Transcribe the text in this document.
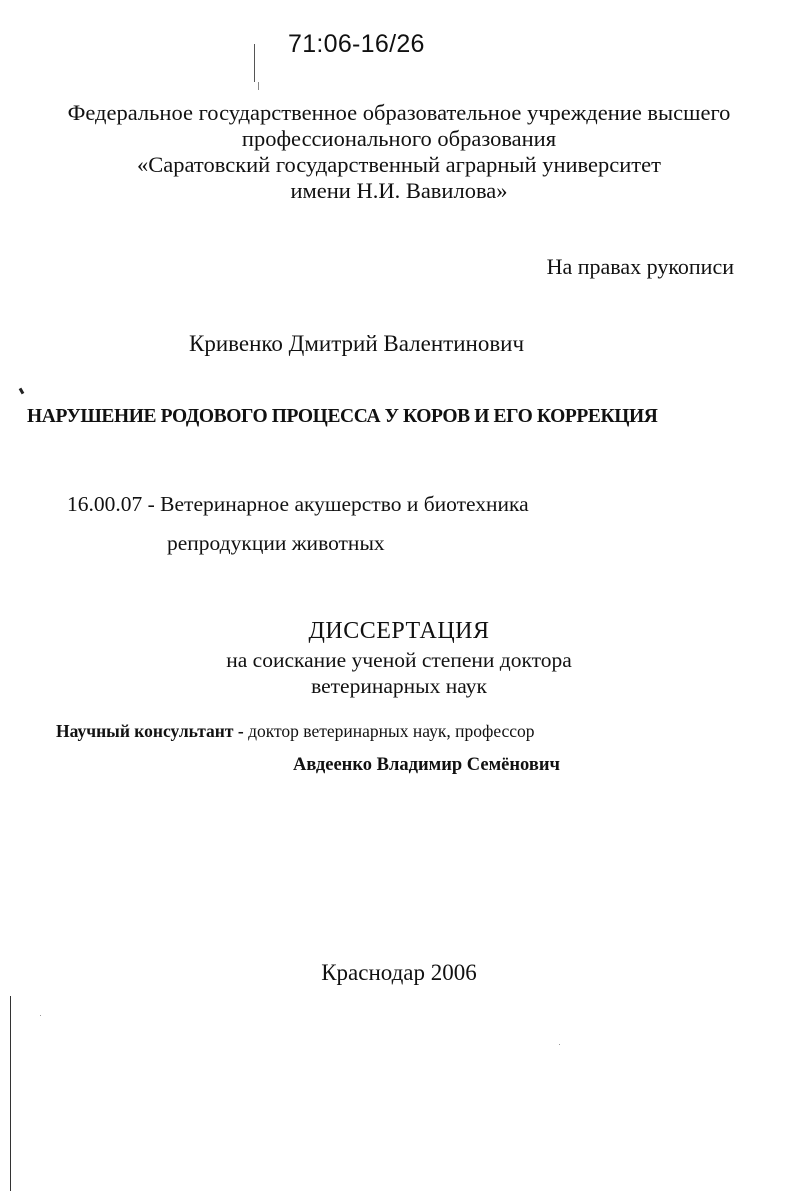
71:06-16/26
Федеральное государственное образовательное учреждение высшего
профессионального образования
«Саратовский государственный аграрный университет
имени Н.И. Вавилова»
На правах рукописи
Кривенко Дмитрий Валентинович
НАРУШЕНИЕ РОДОВОГО ПРОЦЕССА У КОРОВ И ЕГО КОРРЕКЦИЯ
16.00.07 - Ветеринарное акушерство и биотехника
репродукции животных
ДИССЕРТАЦИЯ
на соискание ученой степени доктора
ветеринарных наук
Научный консультант - доктор ветеринарных наук, профессор
Авдеенко Владимир Семёнович
Краснодар 2006
